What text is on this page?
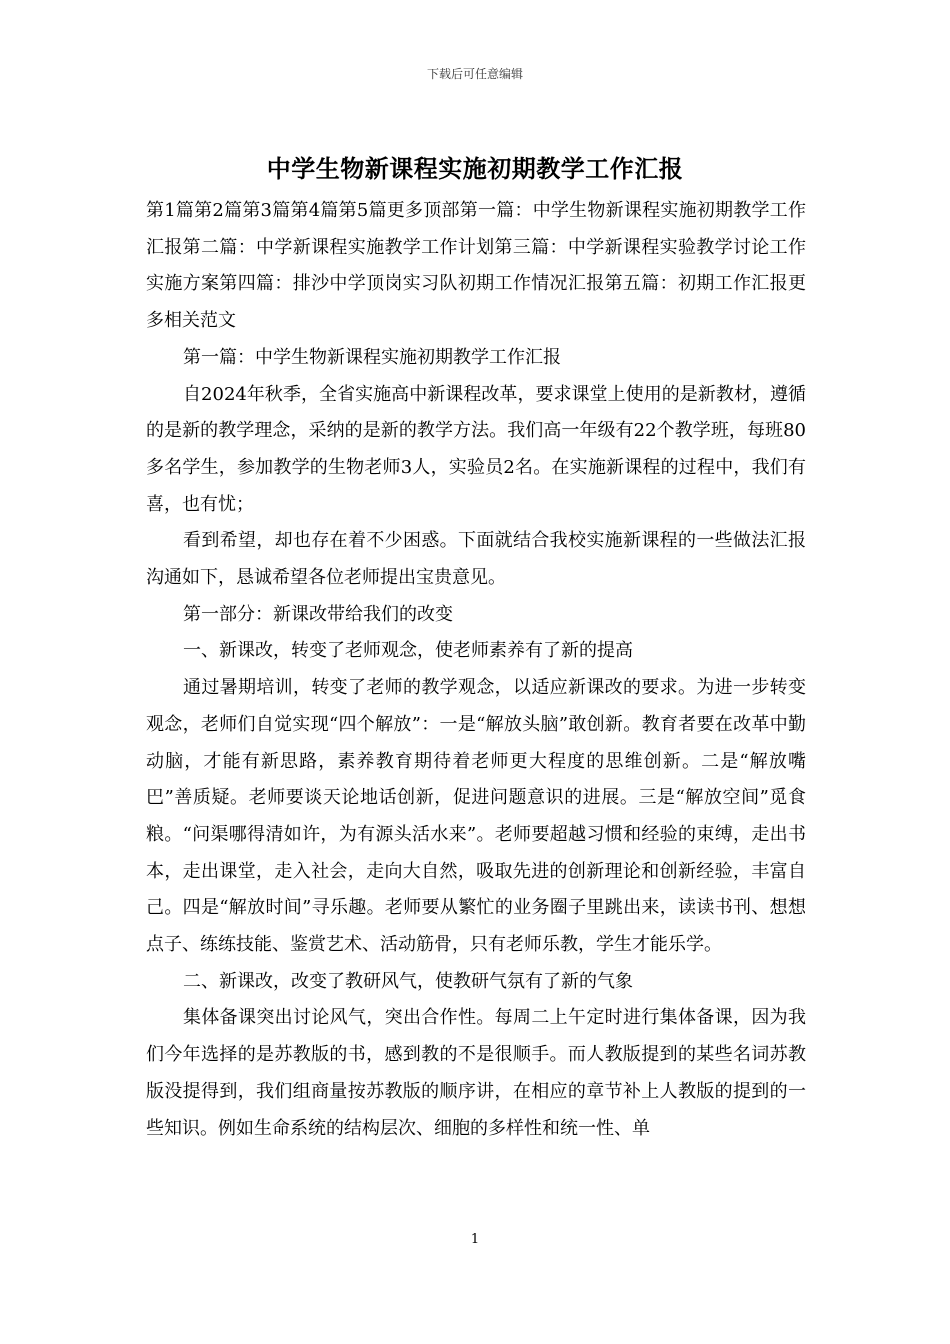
下载后可任意编辑
中学生物新课程实施初期教学工作汇报

第1篇第2篇第3篇第4篇第5篇更多顶部第一篇：中学生物新课程实施初期教学工作汇报第二篇：中学新课程实施教学工作计划第三篇：中学新课程实验教学讨论工作实施方案第四篇：排沙中学顶岗实习队初期工作情况汇报第五篇：初期工作汇报更多相关范文

第一篇：中学生物新课程实施初期教学工作汇报

自2024年秋季，全省实施高中新课程改革，要求课堂上使用的是新教材，遵循的是新的教学理念，采纳的是新的教学方法。我们高一年级有22个教学班，每班80多名学生，参加教学的生物老师3人，实验员2名。在实施新课程的过程中，我们有喜，也有忧；

看到希望，却也存在着不少困惑。下面就结合我校实施新课程的一些做法汇报沟通如下，恳诚希望各位老师提出宝贵意见。

第一部分：新课改带给我们的改变

一、新课改，转变了老师观念，使老师素养有了新的提高

通过暑期培训，转变了老师的教学观念，以适应新课改的要求。为进一步转变观念，老师们自觉实现“四个解放”：一是“解放头脑”敢创新。教育者要在改革中勤动脑，才能有新思路，素养教育期待着老师更大程度的思维创新。二是“解放嘴巴”善质疑。老师要谈天论地话创新，促进问题意识的进展。三是“解放空间”觅食粮。“问渠哪得清如许，为有源头活水来”。老师要超越习惯和经验的束缚，走出书本，走出课堂，走入社会，走向大自然，吸取先进的创新理论和创新经验，丰富自己。四是“解放时间”寻乐趣。老师要从繁忙的业务圈子里跳出来，读读书刊、想想点子、练练技能、鉴赏艺术、活动筋骨，只有老师乐教，学生才能乐学。

二、新课改，改变了教研风气，使教研气氛有了新的气象

集体备课突出讨论风气，突出合作性。每周二上午定时进行集体备课，因为我们今年选择的是苏教版的书，感到教的不是很顺手。而人教版提到的某些名词苏教版没提得到，我们组商量按苏教版的顺序讲，在相应的章节补上人教版的提到的一些知识。例如生命系统的结构层次、细胞的多样性和统一性、单

1
